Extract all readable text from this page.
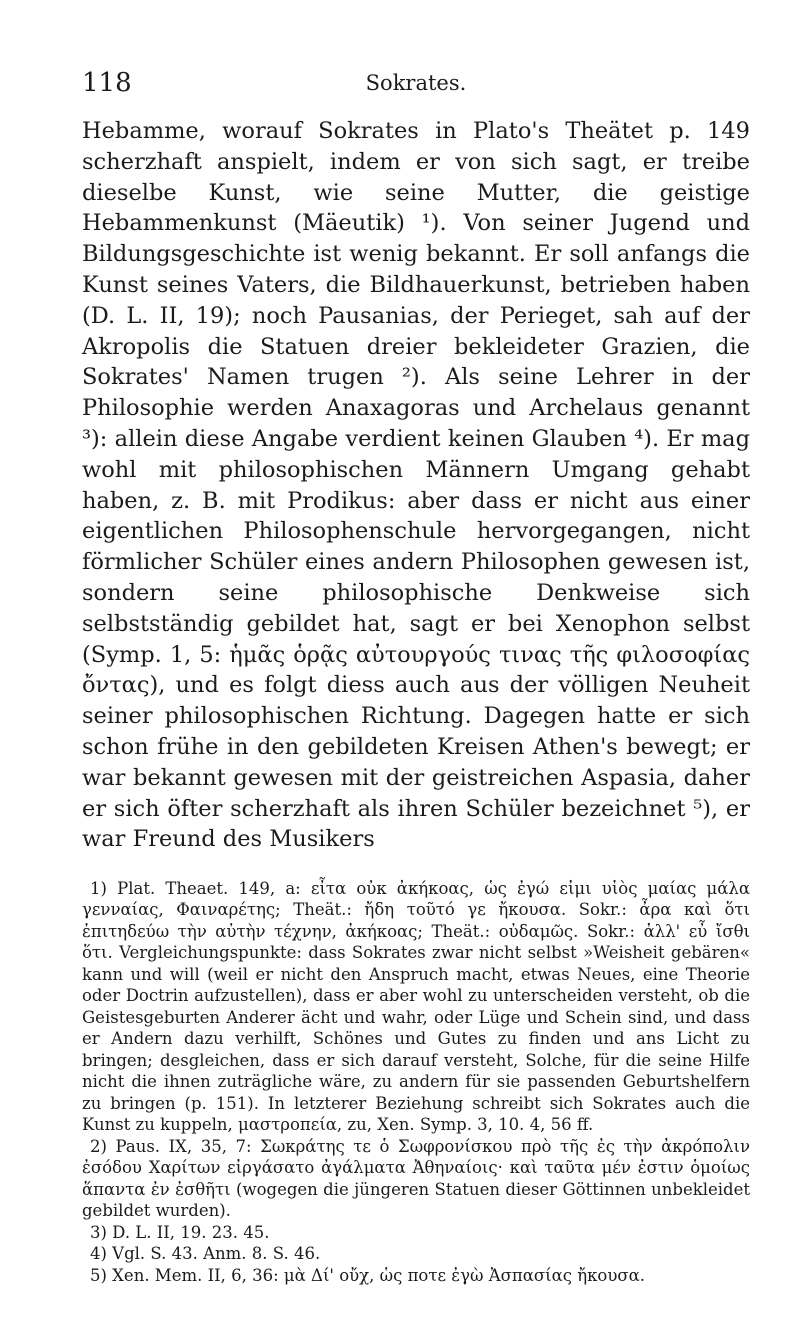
118	Sokrates.

Hebamme, worauf Sokrates in Plato's Theätet p. 149 scherzhaft anspielt, indem er von sich sagt, er treibe dieselbe Kunst, wie seine Mutter, die geistige Hebammenkunst (Mäeutik) ¹). Von seiner Jugend und Bildungsgeschichte ist wenig bekannt. Er soll anfangs die Kunst seines Vaters, die Bildhauerkunst, betrieben haben (D. L. II, 19); noch Pausanias, der Perieget, sah auf der Akropolis die Statuen dreier bekleideter Grazien, die Sokrates' Namen trugen ²). Als seine Lehrer in der Philosophie werden Anaxagoras und Archelaus genannt ³): allein diese Angabe verdient keinen Glauben ⁴). Er mag wohl mit philosophischen Männern Umgang gehabt haben, z. B. mit Prodikus: aber dass er nicht aus einer eigentlichen Philosophenschule hervorgegangen, nicht förmlicher Schüler eines andern Philosophen gewesen ist, sondern seine philosophische Denkweise sich selbstständig gebildet hat, sagt er bei Xenophon selbst (Symp. 1, 5: ἡμᾶς ὁρᾷς αὐτουργούς τινας τῆς φιλοσοφίας ὄντας), und es folgt diess auch aus der völligen Neuheit seiner philosophischen Richtung. Dagegen hatte er sich schon frühe in den gebildeten Kreisen Athen's bewegt; er war bekannt gewesen mit der geistreichen Aspasia, daher er sich öfter scherzhaft als ihren Schüler bezeichnet ⁵), er war Freund des Musikers

1) Plat. Theaet. 149, a: εἶτα οὐκ ἀκήκοας, ὡς ἐγώ εἰμι υἱὸς μαίας μάλα γενναίας, Φαιναρέτης; Theät.: ἤδη τοῦτό γε ἤκουσα. Sokr.: ἆρα καὶ ὅτι ἐπιτηδεύω τὴν αὐτὴν τέχνην, ἀκήκοας; Theät.: οὐδαμῶς. Sokr.: ἀλλ' εὖ ἴσθι ὅτι. Vergleichungspunkte: dass Sokrates zwar nicht selbst »Weisheit gebären« kann und will (weil er nicht den Anspruch macht, etwas Neues, eine Theorie oder Doctrin aufzustellen), dass er aber wohl zu unterscheiden versteht, ob die Geistesgeburten Anderer ächt und wahr, oder Lüge und Schein sind, und dass er Andern dazu verhilft, Schönes und Gutes zu finden und ans Licht zu bringen; desgleichen, dass er sich darauf versteht, Solche, für die seine Hilfe nicht die ihnen zuträgliche wäre, zu andern für sie passenden Geburtshelfern zu bringen (p. 151). In letzterer Beziehung schreibt sich Sokrates auch die Kunst zu kuppeln, μαστροπεία, zu, Xen. Symp. 3, 10. 4, 56 ff.

2) Paus. IX, 35, 7: Σωκράτης τε ὁ Σωφρονίσκου πρὸ τῆς ἐς τὴν ἀκρόπολιν ἐσόδου Χαρίτων εἰργάσατο ἀγάλματα Ἀθηναίοις· καὶ ταῦτα μέν ἐστιν ὁμοίως ἅπαντα ἐν ἐσθῆτι (wogegen die jüngeren Statuen dieser Göttinnen unbekleidet gebildet wurden).

3) D. L. II, 19. 23. 45.

4) Vgl. S. 43. Anm. 8. S. 46.

5) Xen. Mem. II, 6, 36: μὰ Δί' οὔχ, ὡς ποτε ἐγὼ Ἀσπασίας ἤκουσα.
